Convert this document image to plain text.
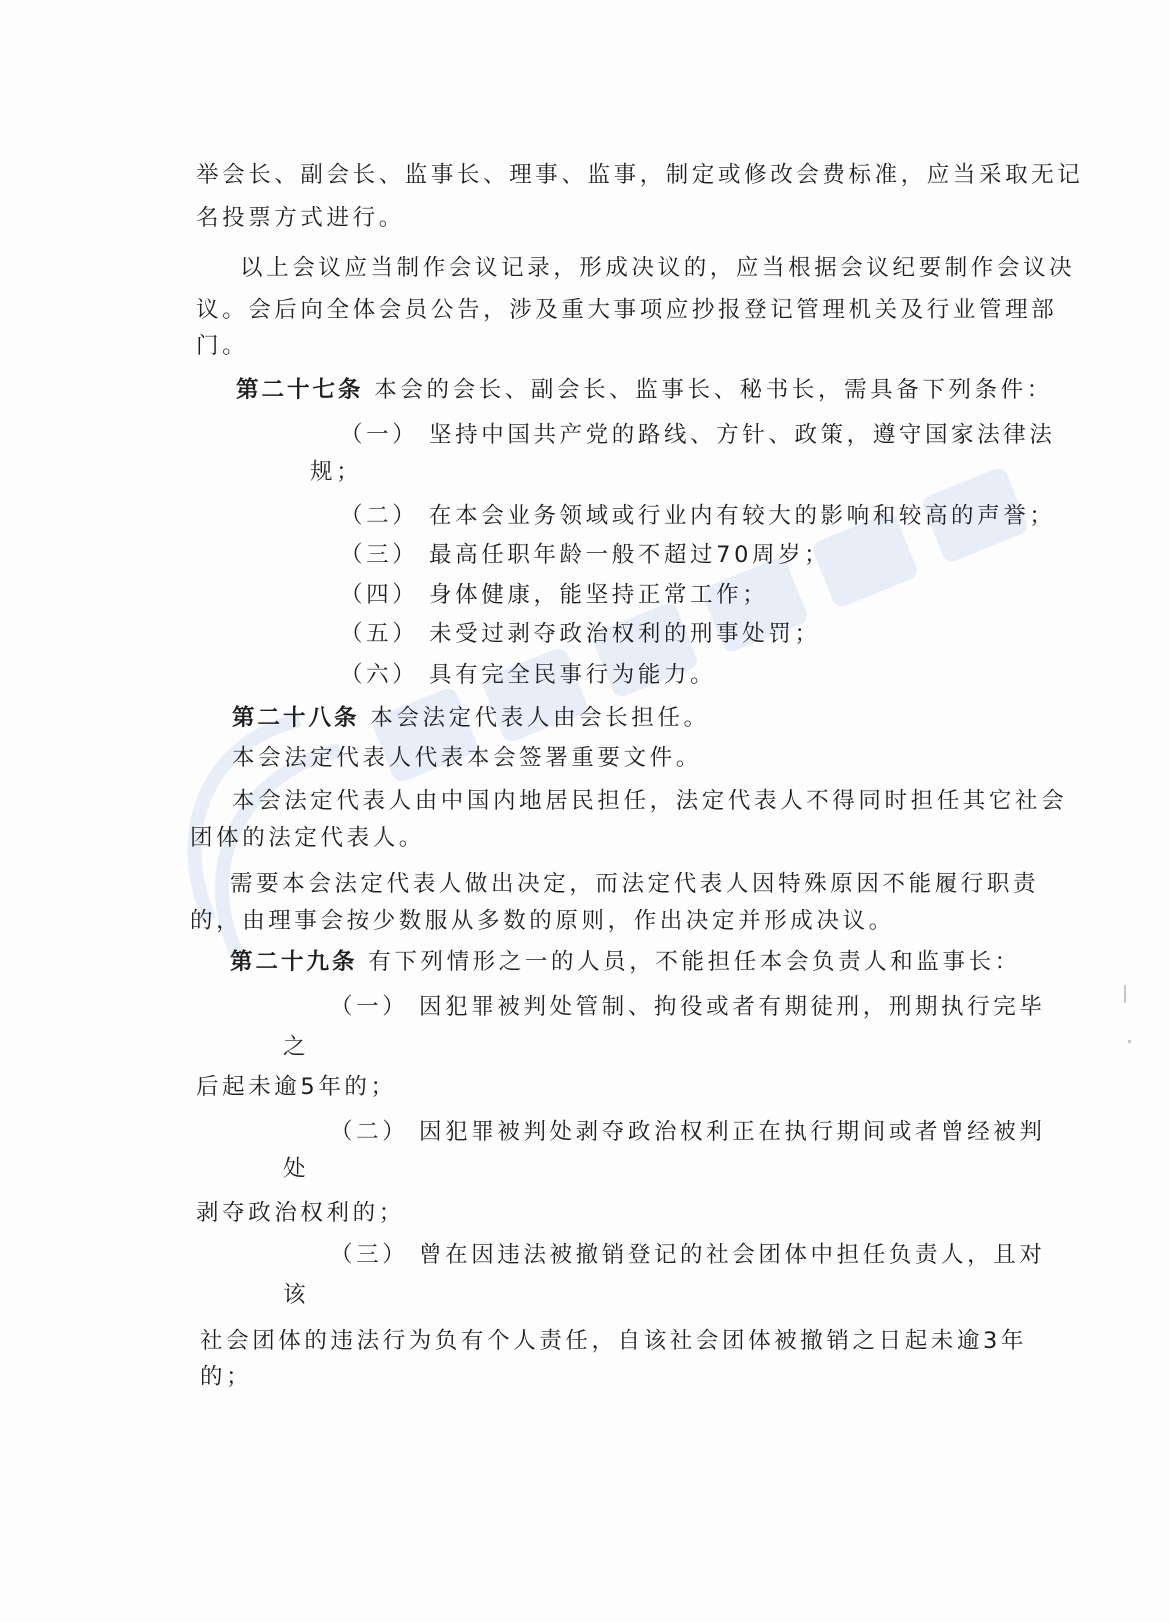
举会长、副会长、监事长、理事、监事，制定或修改会费标准，应当采取无记
名投票方式进行。
以上会议应当制作会议记录，形成决议的，应当根据会议纪要制作会议决
议。会后向全体会员公告，涉及重大事项应抄报登记管理机关及行业管理部
门。
第二十七条 本会的会长、副会长、监事长、秘书长，需具备下列条件：
（一） 坚持中国共产党的路线、方针、政策，遵守国家法律法
规；
（二） 在本会业务领域或行业内有较大的影响和较高的声誉；
（三） 最高任职年龄一般不超过70周岁；
（四） 身体健康，能坚持正常工作；
（五） 未受过剥夺政治权利的刑事处罚；
（六） 具有完全民事行为能力。
第二十八条 本会法定代表人由会长担任。
本会法定代表人代表本会签署重要文件。
本会法定代表人由中国内地居民担任，法定代表人不得同时担任其它社会
团体的法定代表人。
需要本会法定代表人做出决定，而法定代表人因特殊原因不能履行职责
的，由理事会按少数服从多数的原则，作出决定并形成决议。
第二十九条 有下列情形之一的人员，不能担任本会负责人和监事长：
（一） 因犯罪被判处管制、拘役或者有期徒刑，刑期执行完毕
之
后起未逾5年的；
（二） 因犯罪被判处剥夺政治权利正在执行期间或者曾经被判
处
剥夺政治权利的；
（三） 曾在因违法被撤销登记的社会团体中担任负责人，且对
该
社会团体的违法行为负有个人责任，自该社会团体被撤销之日起未逾3年
的；
